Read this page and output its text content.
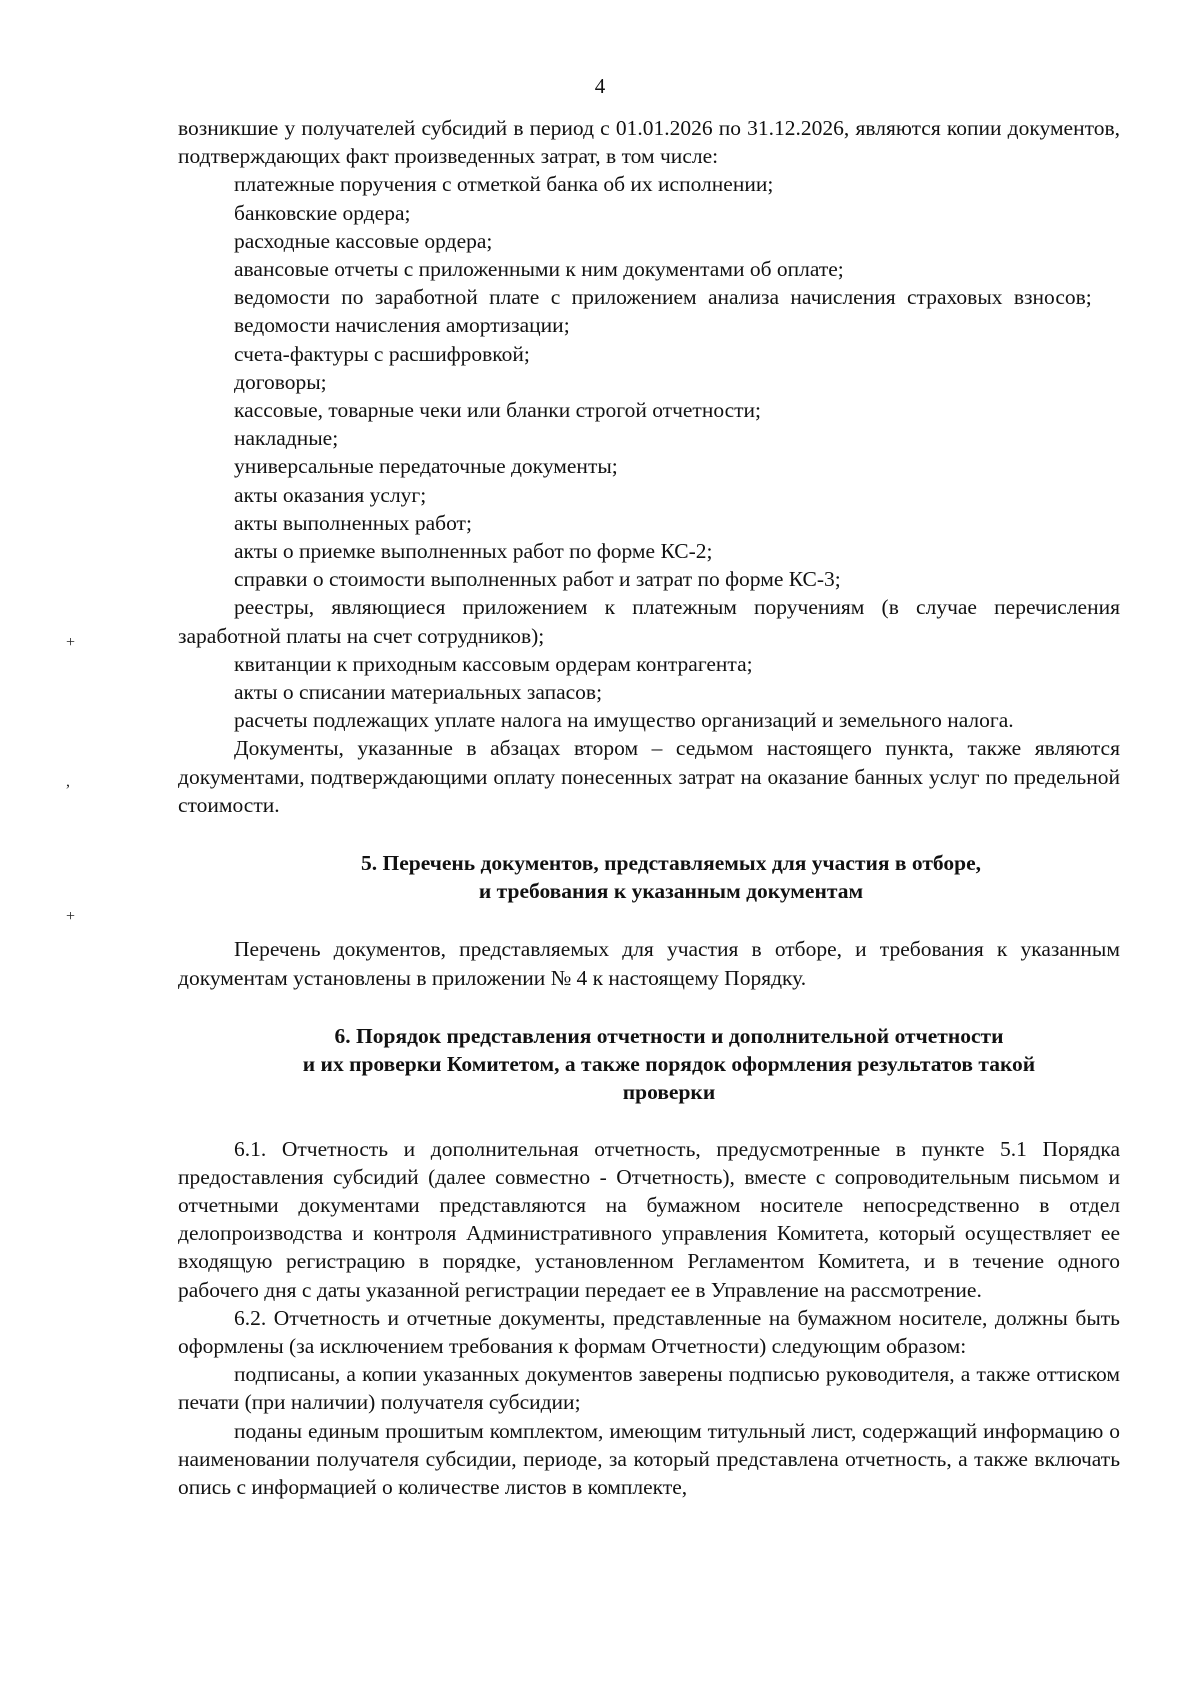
4
+
,
+

возникшие у получателей субсидий в период с 01.01.2026 по 31.12.2026, являются копии документов, подтверждающих факт произведенных затрат, в том числе:

платежные поручения с отметкой банка об их исполнении;

банковские ордера;

расходные кассовые ордера;

авансовые отчеты с приложенными к ним документами об оплате;

ведомости по заработной плате с приложением анализа начисления страховых взносов;

ведомости начисления амортизации;

счета-фактуры с расшифровкой;

договоры;

кассовые, товарные чеки или бланки строгой отчетности;

накладные;

универсальные передаточные документы;

акты оказания услуг;

акты выполненных работ;

акты о приемке выполненных работ по форме КС-2;

справки о стоимости выполненных работ и затрат по форме КС-3;

реестры, являющиеся приложением к платежным поручениям (в случае перечисления заработной платы на счет сотрудников);

квитанции к приходным кассовым ордерам контрагента;

акты о списании материальных запасов;

расчеты подлежащих уплате налога на имущество организаций и земельного налога.

Документы, указанные в абзацах втором – седьмом настоящего пункта, также являются документами, подтверждающими оплату понесенных затрат на оказание банных услуг по предельной стоимости.

5. Перечень документов, представляемых для участия в отборе,
и требования к указанным документам

Перечень документов, представляемых для участия в отборе, и требования к указанным документам установлены в приложении № 4 к настоящему Порядку.

6. Порядок представления отчетности и дополнительной отчетности
и их проверки Комитетом, а также порядок оформления результатов такой
проверки

6.1. Отчетность и дополнительная отчетность, предусмотренные в пункте 5.1 Порядка предоставления субсидий (далее совместно - Отчетность), вместе с сопроводительным письмом и отчетными документами представляются на бумажном носителе непосредственно в отдел делопроизводства и контроля Административного управления Комитета, который осуществляет ее входящую регистрацию в порядке, установленном Регламентом Комитета, и в течение одного рабочего дня с даты указанной регистрации передает ее в Управление на рассмотрение.

6.2. Отчетность и отчетные документы, представленные на бумажном носителе, должны быть оформлены (за исключением требования к формам Отчетности) следующим образом:

подписаны, а копии указанных документов заверены подписью руководителя, а также оттиском печати (при наличии) получателя субсидии;

поданы единым прошитым комплектом, имеющим титульный лист, содержащий информацию о наименовании получателя субсидии, периоде, за который представлена отчетность, а также включать опись с информацией о количестве листов в комплекте,
